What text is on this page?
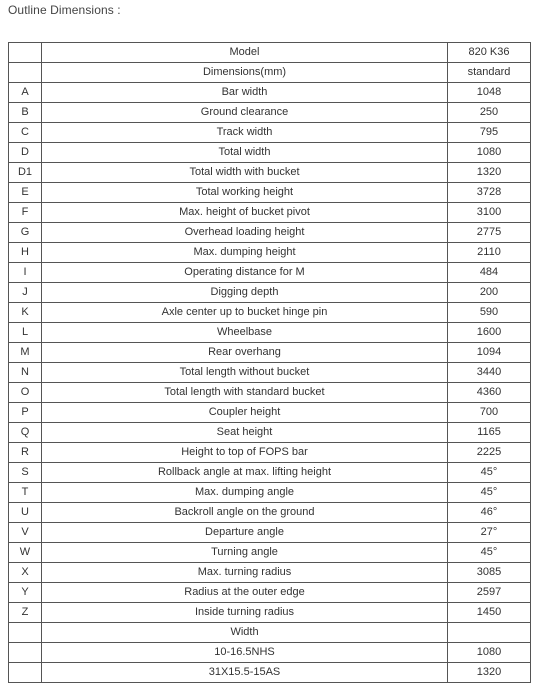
Outline Dimensions :
	Model	820 K36
	Dimensions(mm)	standard
A	Bar width	1048
B	Ground clearance	250
C	Track width	795
D	Total width	1080
D1	Total width with bucket	1320
E	Total working height	3728
F	Max. height of bucket pivot	3100
G	Overhead loading height	2775
H	Max. dumping height	2110
I	Operating distance for M	484
J	Digging depth	200
K	Axle center up to bucket hinge pin	590
L	Wheelbase	1600
M	Rear overhang	1094
N	Total length without bucket	3440
O	Total length with standard bucket	4360
P	Coupler height	700
Q	Seat height	1165
R	Height to top of FOPS bar	2225
S	Rollback angle at max. lifting height	45°
T	Max. dumping angle	45°
U	Backroll angle on the ground	46°
V	Departure angle	27°
W	Turning angle	45°
X	Max. turning radius	3085
Y	Radius at the outer edge	2597
Z	Inside turning radius	1450
	Width	
	10-16.5NHS	1080
	31X15.5-15AS	1320
